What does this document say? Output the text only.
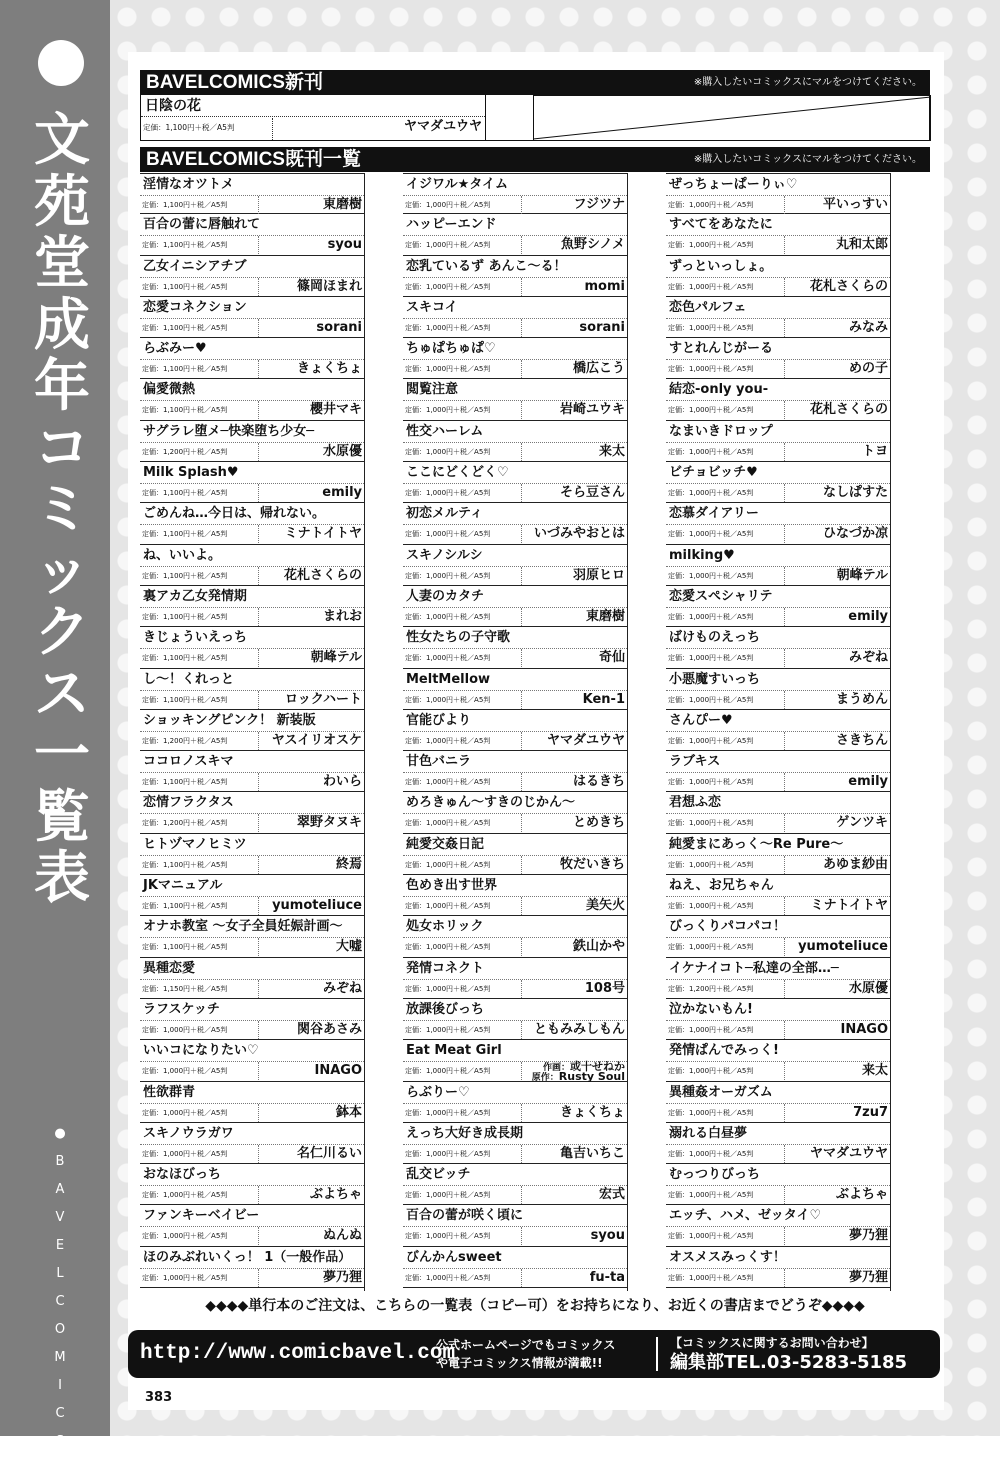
文
苑
堂
成
年
コ
ミ
ッ
ク
ス
一
覧
表
●
B
A
V
E
L
C
O
M
I
C
S
●
BAVELCOMICS新刊	※購入したいコミックスにマルをつけてください。
日陰の花
定価：1,100円＋税／A5判	ヤマダユウヤ
BAVELCOMICS既刊一覧	※購入したいコミックスにマルをつけてください。
淫情なオツトメ
定価：1,100円＋税／A5判	東磨樹
百合の蕾に唇触れて
定価：1,100円＋税／A5判	syou
乙女イニシアチブ
定価：1,100円＋税／A5判	篠岡ほまれ
恋愛コネクション
定価：1,100円＋税／A5判	sorani
らぶみー♥
定価：1,100円＋税／A5判	きょくちょ
偏愛微熱
定価：1,100円＋税／A5判	櫻井マキ
サグラレ堕メ─快楽堕ち少女─
定価：1,200円＋税／A5判	水原優
Milk Splash♥
定価：1,100円＋税／A5判	emily
ごめんね…今日は、帰れない。
定価：1,100円＋税／A5判	ミナトイトヤ
ね、いいよ。
定価：1,100円＋税／A5判	花札さくらの
裏アカ乙女発情期
定価：1,100円＋税／A5判	まれお
きじょういえっち
定価：1,100円＋税／A5判	朝峰テル
し〜！くれっと
定価：1,100円＋税／A5判	ロックハート
ショッキングピンク！ 新装版
定価：1,200円＋税／A5判	ヤスイリオスケ
ココロノスキマ
定価：1,100円＋税／A5判	わいら
恋情フラクタス
定価：1,200円＋税／A5判	翠野タヌキ
ヒトヅマノヒミツ
定価：1,100円＋税／A5判	終焉
JKマニュアル
定価：1,100円＋税／A5判	yumoteliuce
オナホ教室 〜女子全員妊娠計画〜
定価：1,100円＋税／A5判	大嘘
異種恋愛
定価：1,150円＋税／A5判	みぞね
ラフスケッチ
定価：1,000円＋税／A5判	関谷あさみ
いいコになりたい♡
定価：1,000円＋税／A5判	INAGO
性欲群青
定価：1,000円＋税／A5判	鉢本
スキノウラガワ
定価：1,000円＋税／A5判	名仁川るい
おなほびっち
定価：1,000円＋税／A5判	ぶよちゃ
ファンキーベイビー
定価：1,000円＋税／A5判	ぬんぬ
ほのみぶれいくっ！ 1（一般作品）
定価：1,000円＋税／A5判	夢乃狸
イジワル★タイム
定価：1,000円＋税／A5判	フジツナ
ハッピーエンド
定価：1,000円＋税／A5判	魚野シノメ
恋乳ているず あんこ〜る！
定価：1,000円＋税／A5判	momi
スキコイ
定価：1,000円＋税／A5判	sorani
ちゅぱちゅぱ♡
定価：1,000円＋税／A5判	橋広こう
閲覧注意
定価：1,000円＋税／A5判	岩崎ユウキ
性交ハーレム
定価：1,000円＋税／A5判	来太
ここにどくどく♡
定価：1,000円＋税／A5判	そら豆さん
初恋メルティ
定価：1,000円＋税／A5判	いづみやおとは
スキノシルシ
定価：1,000円＋税／A5判	羽原ヒロ
人妻のカタチ
定価：1,000円＋税／A5判	東磨樹
性女たちの子守歌
定価：1,000円＋税／A5判	奇仙
MeltMellow
定価：1,000円＋税／A5判	Ken-1
官能びより
定価：1,000円＋税／A5判	ヤマダユウヤ
甘色バニラ
定価：1,000円＋税／A5判	はるきち
めろきゅん〜すきのじかん〜
定価：1,000円＋税／A5判	とめきち
純愛交姦日記
定価：1,000円＋税／A5判	牧だいきち
色めき出す世界
定価：1,000円＋税／A5判	美矢火
処女ホリック
定価：1,000円＋税／A5判	鉄山かや
発情コネクト
定価：1,000円＋税／A5判	108号
放課後びっち
定価：1,000円＋税／A5判	ともみみしもん
Eat Meat Girl
定価：1,000円＋税／A5判	作画：或十せねか
原作：Rusty Soul
らぶりー♡
定価：1,000円＋税／A5判	きょくちょ
えっち大好き成長期
定価：1,000円＋税／A5判	亀吉いちこ
乱交ビッチ
定価：1,000円＋税／A5判	宏式
百合の蕾が咲く頃に
定価：1,000円＋税／A5判	syou
びんかんsweet
定価：1,000円＋税／A5判	fu-ta
ぜっちょーぱーりぃ♡
定価：1,000円＋税／A5判	平いっすい
すべてをあなたに
定価：1,000円＋税／A5判	丸和太郎
ずっといっしょ。
定価：1,000円＋税／A5判	花札さくらの
恋色パルフェ
定価：1,000円＋税／A5判	みなみ
すとれんじがーる
定価：1,000円＋税／A5判	めの子
結恋-only you-
定価：1,000円＋税／A5判	花札さくらの
なまいきドロップ
定価：1,000円＋税／A5判	トヨ
ビチョビッチ♥
定価：1,000円＋税／A5判	なしぱすた
恋慕ダイアリー
定価：1,000円＋税／A5判	ひなづか凉
milking♥
定価：1,000円＋税／A5判	朝峰テル
恋愛スペシャリテ
定価：1,000円＋税／A5判	emily
ばけものえっち
定価：1,000円＋税／A5判	みぞね
小悪魔すいっち
定価：1,000円＋税／A5判	まうめん
さんぴー♥
定価：1,000円＋税／A5判	さきちん
ラブキス
定価：1,000円＋税／A5判	emily
君想ふ恋
定価：1,000円＋税／A5判	ゲンツキ
純愛まにあっく～Re Pure～
定価：1,000円＋税／A5判	あゆま紗由
ねえ、お兄ちゃん
定価：1,000円＋税／A5判	ミナトイトヤ
びっくりパコパコ！
定価：1,000円＋税／A5判	yumoteliuce
イケナイコト─私達の全部…─
定価：1,200円＋税／A5判	水原優
泣かないもん!
定価：1,000円＋税／A5判	INAGO
発情ぱんでみっく!
定価：1,000円＋税／A5判	来太
異種姦オーガズム
定価：1,000円＋税／A5判	7zu7
溺れる白昼夢
定価：1,000円＋税／A5判	ヤマダユウヤ
むっつりびっち
定価：1,000円＋税／A5判	ぶよちゃ
エッチ、ハメ、ゼッタイ♡
定価：1,000円＋税／A5判	夢乃狸
オスメスみっくす！
定価：1,000円＋税／A5判	夢乃狸
◆◆◆◆単行本のご注文は、こちらの一覧表（コピー可）をお持ちになり、お近くの書店までどうぞ◆◆◆◆
http://www.comicbavel.com
公式ホームページでもコミックス
や電子コミックス情報が満載!!
【コミックスに関するお問い合わせ】
編集部TEL.03-5283-5185
383
